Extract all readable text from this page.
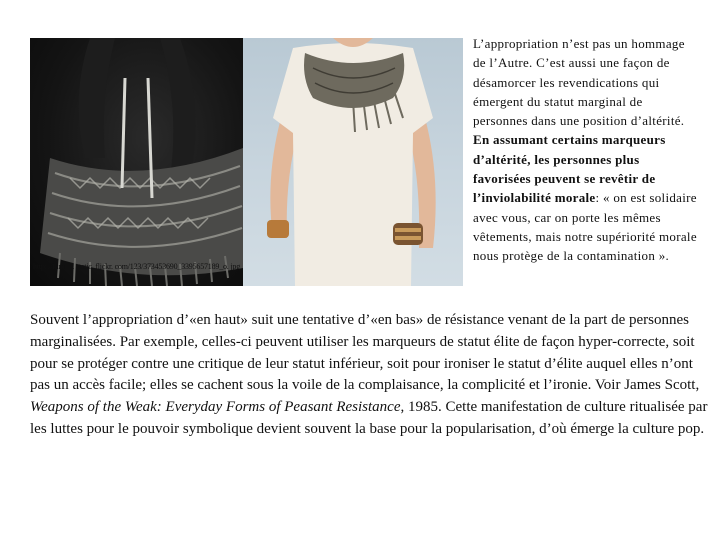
http: //farm 1. static. flickr. com/123/373453690_3395657189_o. jpg
L’appropriation n’est pas un hommage de l’Autre. C’est aussi une façon de désamorcer les revendications qui émergent du statut marginal de personnes dans une position d’altérité. En assumant certains marqueurs d’altérité, les personnes plus favorisées peuvent se revêtir de l’inviolabilité morale: « on est solidaire avec vous, car on porte les mêmes vêtements, mais notre supériorité morale nous protège de la contamination ».
Souvent l’appropriation d’«en haut» suit une tentative d’«en bas» de résistance venant de la part de personnes marginalisées. Par exemple, celles-ci peuvent utiliser les marqueurs de statut élite de façon hyper-correcte, soit pour se protéger contre une critique de leur statut inférieur, soit pour ironiser le statut d’élite auquel elles n’ont pas un accès facile; elles se cachent sous la voile de la complaisance, la complicité et l’ironie. Voir James Scott, Weapons of the Weak: Everyday Forms of Peasant Resistance, 1985. Cette manifestation de culture ritualisée par les luttes pour le pouvoir symbolique devient souvent la base pour la popularisation, d’où émerge la culture pop.
